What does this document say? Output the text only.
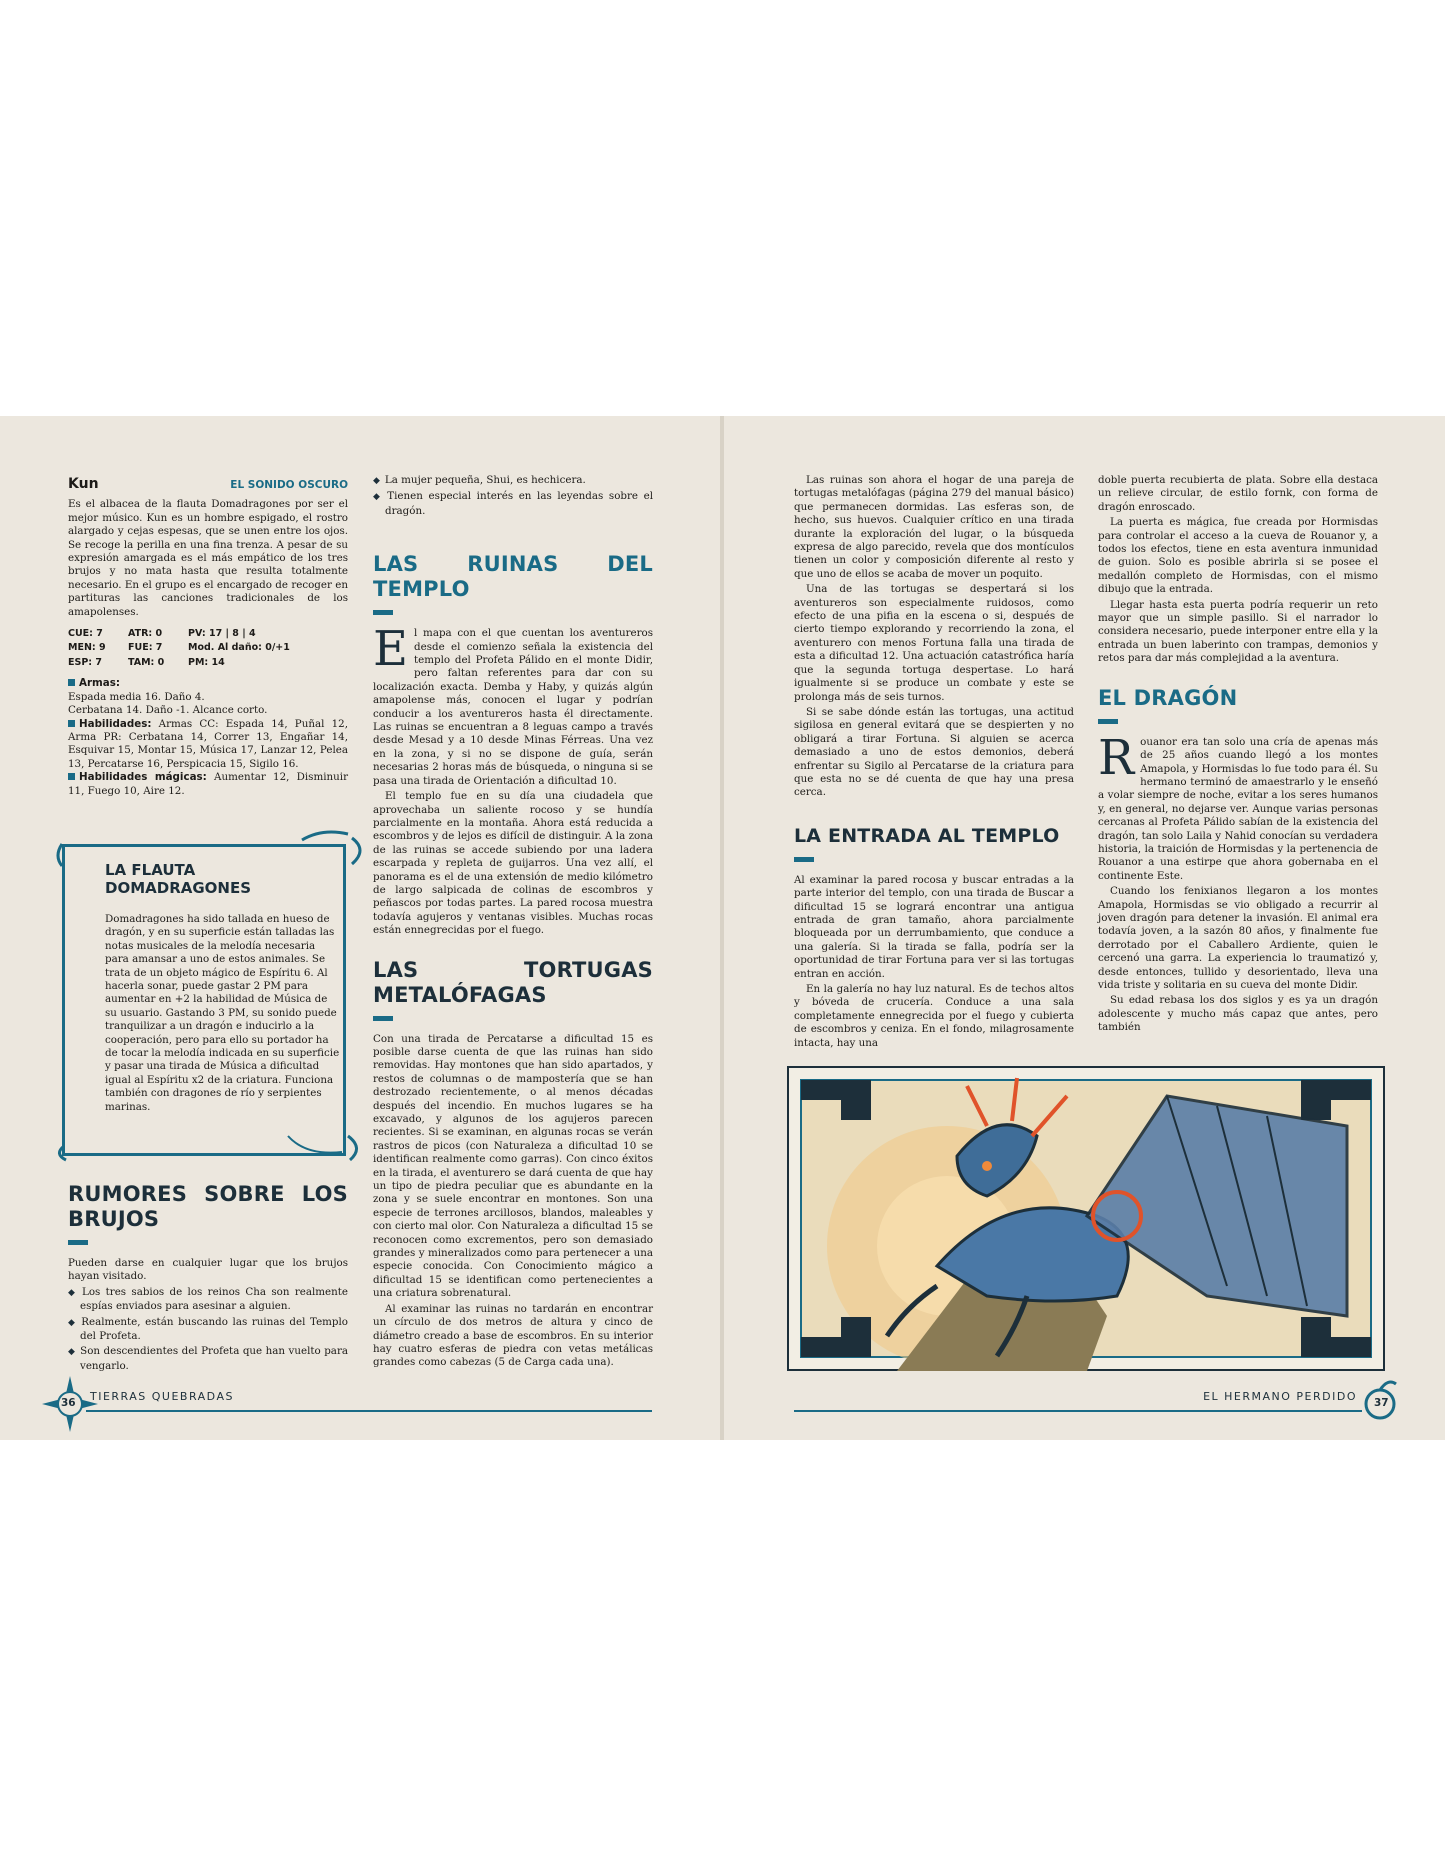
Kun	EL SONIDO OSCURO

Es el albacea de la flauta Domadragones por ser el mejor músico. Kun es un hombre espigado, el rostro alargado y cejas espesas, que se unen entre los ojos. Se recoge la perilla en una fina trenza. A pesar de su expresión amargada es el más empático de los tres brujos y no mata hasta que resulta totalmente necesario. En el grupo es el encargado de recoger en partituras las canciones tradicionales de los amapolenses.

CUE: 7	ATR: 0	PV: 17 | 8 | 4
MEN: 9	FUE: 7	Mod. Al daño: 0/+1
ESP: 7	TAM: 0	PM: 14
Armas:
Espada media 16. Daño 4.
Cerbatana 14. Daño -1. Alcance corto.
Habilidades: Armas CC: Espada 14, Puñal 12, Arma PR: Cerbatana 14, Correr 13, Engañar 14, Esquivar 15, Montar 15, Música 17, Lanzar 12, Pelea 13, Percatarse 16, Perspicacia 15, Sigilo 16.
Habilidades mágicas: Aumentar 12, Disminuir 11, Fuego 10, Aire 12.
LA FLAUTA DOMADRAGONES
Domadragones ha sido tallada en hueso de dragón, y en su superficie están talladas las notas musicales de la melodía necesaria para amansar a uno de estos animales. Se trata de un objeto mágico de Espíritu 6. Al hacerla sonar, puede gastar 2 PM para aumentar en +2 la habilidad de Música de su usuario. Gastando 3 PM, su sonido puede tranquilizar a un dragón e inducirlo a la cooperación, pero para ello su portador ha de tocar la melodía indicada en su superficie y pasar una tirada de Música a dificultad igual al Espíritu x2 de la criatura. Funciona también con dragones de río y serpientes marinas.
RUMORES SOBRE LOS BRUJOS

Pueden darse en cualquier lugar que los brujos hayan visitado.

◆ Los tres sabios de los reinos Cha son realmente espías enviados para asesinar a alguien.
◆ Realmente, están buscando las ruinas del Templo del Profeta.
◆ Son descendientes del Profeta que han vuelto para vengarlo.
◆ La mujer pequeña, Shui, es hechicera.
◆ Tienen especial interés en las leyendas sobre el dragón.
LAS RUINAS DEL TEMPLO

El mapa con el que cuentan los aventureros desde el comienzo señala la existencia del templo del Profeta Pálido en el monte Didir, pero faltan referentes para dar con su localización exacta. Demba y Haby, y quizás algún amapolense más, conocen el lugar y podrían conducir a los aventureros hasta él directamente. Las ruinas se encuentran a 8 leguas campo a través desde Mesad y a 10 desde Minas Férreas. Una vez en la zona, y si no se dispone de guía, serán necesarias 2 horas más de búsqueda, o ninguna si se pasa una tirada de Orientación a dificultad 10.

El templo fue en su día una ciudadela que aprovechaba un saliente rocoso y se hundía parcialmente en la montaña. Ahora está reducida a escombros y de lejos es difícil de distinguir. A la zona de las ruinas se accede subiendo por una ladera escarpada y repleta de guijarros. Una vez allí, el panorama es el de una extensión de medio kilómetro de largo salpicada de colinas de escombros y peñascos por todas partes. La pared rocosa muestra todavía agujeros y ventanas visibles. Muchas rocas están ennegrecidas por el fuego.

LAS TORTUGAS METALÓFAGAS

Con una tirada de Percatarse a dificultad 15 es posible darse cuenta de que las ruinas han sido removidas. Hay montones que han sido apartados, y restos de columnas o de mampostería que se han destrozado recientemente, o al menos décadas después del incendio. En muchos lugares se ha excavado, y algunos de los agujeros parecen recientes. Si se examinan, en algunas rocas se verán rastros de picos (con Naturaleza a dificultad 10 se identifican realmente como garras). Con cinco éxitos en la tirada, el aventurero se dará cuenta de que hay un tipo de piedra peculiar que es abundante en la zona y se suele encontrar en montones. Son una especie de terrones arcillosos, blandos, maleables y con cierto mal olor. Con Naturaleza a dificultad 15 se reconocen como excrementos, pero son demasiado grandes y mineralizados como para pertenecer a una especie conocida. Con Conocimiento mágico a dificultad 15 se identifican como pertenecientes a una criatura sobrenatural.

Al examinar las ruinas no tardarán en encontrar un círculo de dos metros de altura y cinco de diámetro creado a base de escombros. En su interior hay cuatro esferas de piedra con vetas metálicas grandes como cabezas (5 de Carga cada una).

36 TIERRAS QUEBRADAS

Las ruinas son ahora el hogar de una pareja de tortugas metalófagas (página 279 del manual básico) que permanecen dormidas. Las esferas son, de hecho, sus huevos. Cualquier crítico en una tirada durante la exploración del lugar, o la búsqueda expresa de algo parecido, revela que dos montículos tienen un color y composición diferente al resto y que uno de ellos se acaba de mover un poquito.

Una de las tortugas se despertará si los aventureros son especialmente ruidosos, como efecto de una pifia en la escena o si, después de cierto tiempo explorando y recorriendo la zona, el aventurero con menos Fortuna falla una tirada de esta a dificultad 12. Una actuación catastrófica haría que la segunda tortuga despertase. Lo hará igualmente si se produce un combate y este se prolonga más de seis turnos.

Si se sabe dónde están las tortugas, una actitud sigilosa en general evitará que se despierten y no obligará a tirar Fortuna. Si alguien se acerca demasiado a uno de estos demonios, deberá enfrentar su Sigilo al Percatarse de la criatura para que esta no se dé cuenta de que hay una presa cerca.

LA ENTRADA AL TEMPLO

Al examinar la pared rocosa y buscar entradas a la parte interior del templo, con una tirada de Buscar a dificultad 15 se logrará encontrar una antigua entrada de gran tamaño, ahora parcialmente bloqueada por un derrumbamiento, que conduce a una galería. Si la tirada se falla, podría ser la oportunidad de tirar Fortuna para ver si las tortugas entran en acción.

En la galería no hay luz natural. Es de techos altos y bóveda de crucería. Conduce a una sala completamente ennegrecida por el fuego y cubierta de escombros y ceniza. En el fondo, milagrosamente intacta, hay una

doble puerta recubierta de plata. Sobre ella destaca un relieve circular, de estilo fornk, con forma de dragón enroscado.

La puerta es mágica, fue creada por Hormisdas para controlar el acceso a la cueva de Rouanor y, a todos los efectos, tiene en esta aventura inmunidad de guion. Solo es posible abrirla si se posee el medallón completo de Hormisdas, con el mismo dibujo que la entrada.

Llegar hasta esta puerta podría requerir un reto mayor que un simple pasillo. Si el narrador lo considera necesario, puede interponer entre ella y la entrada un buen laberinto con trampas, demonios y retos para dar más complejidad a la aventura.

EL DRAGÓN

Rouanor era tan solo una cría de apenas más de 25 años cuando llegó a los montes Amapola, y Hormisdas lo fue todo para él. Su hermano terminó de amaestrarlo y le enseñó a volar siempre de noche, evitar a los seres humanos y, en general, no dejarse ver. Aunque varias personas cercanas al Profeta Pálido sabían de la existencia del dragón, tan solo Laila y Nahid conocían su verdadera historia, la traición de Hormisdas y la pertenencia de Rouanor a una estirpe que ahora gobernaba en el continente Este.

Cuando los fenixianos llegaron a los montes Amapola, Hormisdas se vio obligado a recurrir al joven dragón para detener la invasión. El animal era todavía joven, a la sazón 80 años, y finalmente fue derrotado por el Caballero Ardiente, quien le cercenó una garra. La experiencia lo traumatizó y, desde entonces, tullido y desorientado, lleva una vida triste y solitaria en su cueva del monte Didir.

Su edad rebasa los dos siglos y es ya un dragón adolescente y mucho más capaz que antes, pero también

EL HERMANO PERDIDO 37
